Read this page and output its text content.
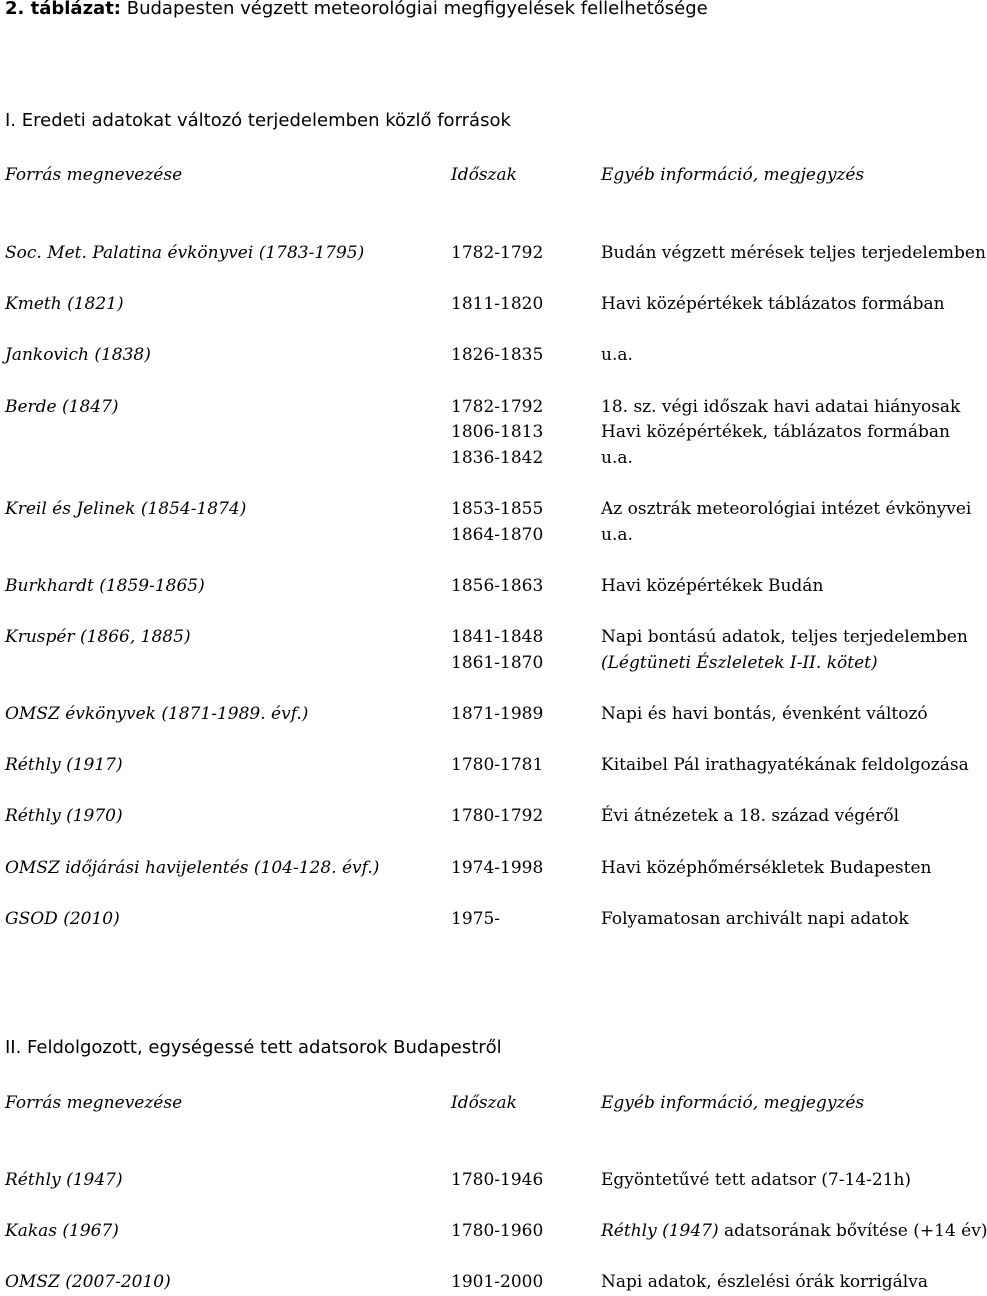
2. táblázat: Budapesten végzett meteorológiai megfigyelések fellelhetősége
I. Eredeti adatokat változó terjedelemben közlő források
Forrás megnevezése	Időszak	Egyéb információ, megjegyzés
Soc. Met. Palatina évkönyvei (1783-1795)	1782-1792	Budán végzett mérések teljes terjedelemben
Kmeth (1821)	1811-1820	Havi középértékek táblázatos formában
Jankovich (1838)	1826-1835	u.a.
Berde (1847)	1782-1792	18. sz. végi időszak havi adatai hiányosak
1806-1813	Havi középértékek, táblázatos formában
1836-1842	u.a.
Kreil és Jelinek (1854-1874)	1853-1855	Az osztrák meteorológiai intézet évkönyvei
1864-1870	u.a.
Burkhardt (1859-1865)	1856-1863	Havi középértékek Budán
Kruspér (1866, 1885)	1841-1848	Napi bontású adatok, teljes terjedelemben
1861-1870	(Légtüneti Észleletek I-II. kötet)
OMSZ évkönyvek (1871-1989. évf.)	1871-1989	Napi és havi bontás, évenként változó
Réthly (1917)	1780-1781	Kitaibel Pál irathagyatékának feldolgozása
Réthly (1970)	1780-1792	Évi átnézetek a 18. század végéről
OMSZ időjárási havijelentés (104-128. évf.)	1974-1998	Havi középhőmérsékletek Budapesten
GSOD (2010)	1975-	Folyamatosan archivált napi adatok
II. Feldolgozott, egységessé tett adatsorok Budapestről
Forrás megnevezése	Időszak	Egyéb információ, megjegyzés
Réthly (1947)	1780-1946	Egyöntetűvé tett adatsor (7-14-21h)
Kakas (1967)	1780-1960	Réthly (1947) adatsorának bővítése (+14 év)
OMSZ (2007-2010)	1901-2000	Napi adatok, észlelési órák korrigálva
